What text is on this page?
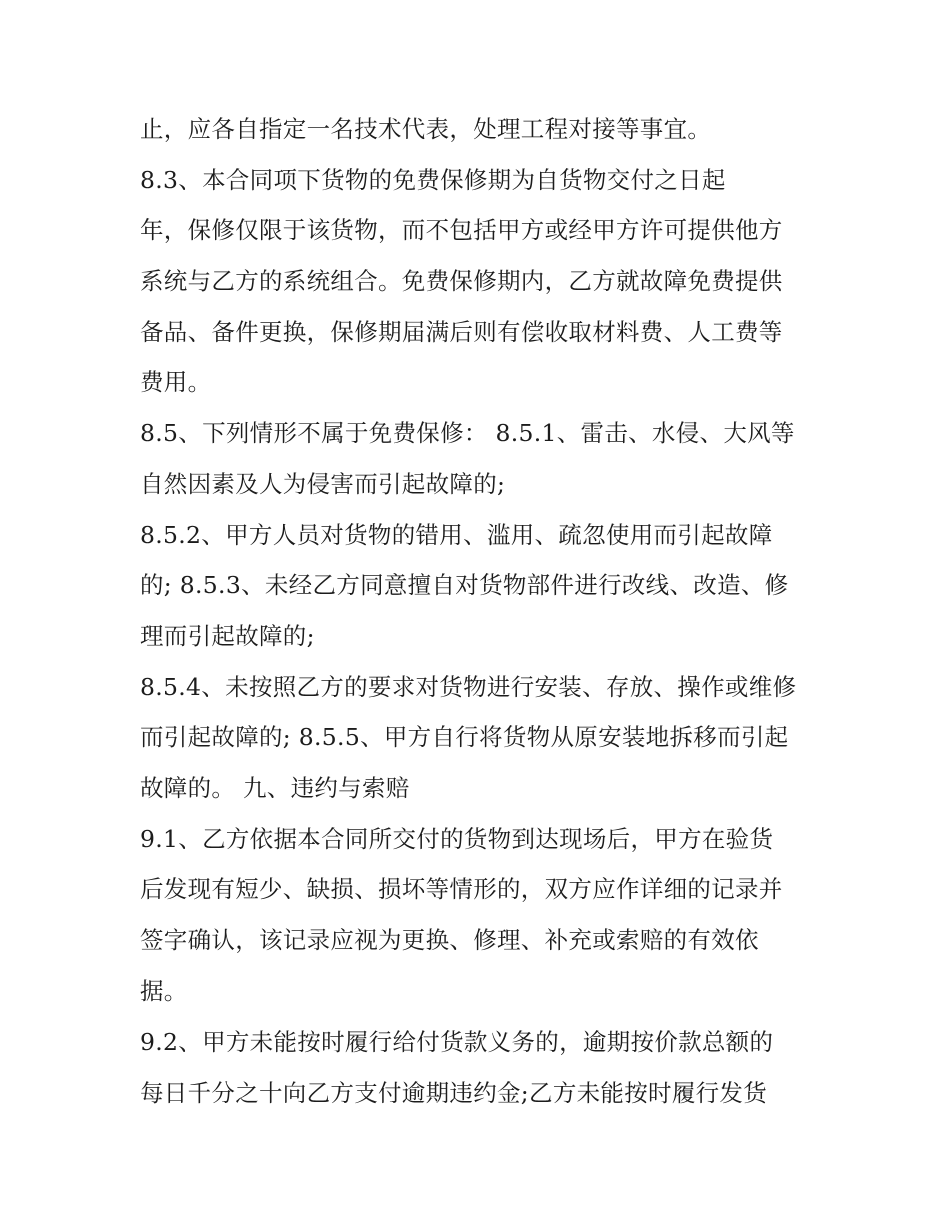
止，应各自指定一名技术代表，处理工程对接等事宜。
8.3、本合同项下货物的免费保修期为自货物交付之日起
年，保修仅限于该货物，而不包括甲方或经甲方许可提供他方
系统与乙方的系统组合。免费保修期内，乙方就故障免费提供
备品、备件更换，保修期届满后则有偿收取材料费、人工费等
费用。
8.5、下列情形不属于免费保修： 8.5.1、雷击、水侵、大风等
自然因素及人为侵害而引起故障的;
8.5.2、甲方人员对货物的错用、滥用、疏忽使用而引起故障
的; 8.5.3、未经乙方同意擅自对货物部件进行改线、改造、修
理而引起故障的;
8.5.4、未按照乙方的要求对货物进行安装、存放、操作或维修
而引起故障的; 8.5.5、甲方自行将货物从原安装地拆移而引起
故障的。 九、违约与索赔
9.1、乙方依据本合同所交付的货物到达现场后，甲方在验货
后发现有短少、缺损、损坏等情形的，双方应作详细的记录并
签字确认，该记录应视为更换、修理、补充或索赔的有效依
据。
9.2、甲方未能按时履行给付货款义务的，逾期按价款总额的
每日千分之十向乙方支付逾期违约金;乙方未能按时履行发货
